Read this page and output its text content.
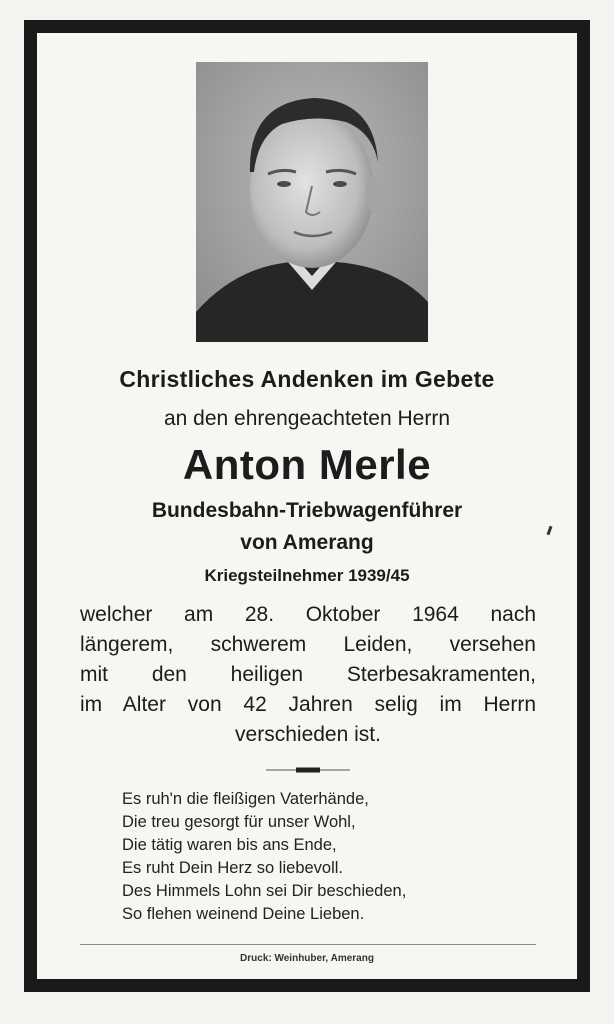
Christliches Andenken im Gebete
an den ehrengeachteten Herrn
Anton Merle
Bundesbahn-Triebwagenführer
von Amerang
Kriegsteilnehmer 1939/45
welcher am 28. Oktober 1964 nach
längerem, schwerem Leiden, versehen
mit den heiligen Sterbesakramenten,
im Alter von 42 Jahren selig im Herrn
verschieden ist.
Es ruh'n die fleißigen Vaterhände,
Die treu gesorgt für unser Wohl,
Die tätig waren bis ans Ende,
Es ruht Dein Herz so liebevoll.
Des Himmels Lohn sei Dir beschieden,
So flehen weinend Deine Lieben.
Druck: Weinhuber, Amerang
